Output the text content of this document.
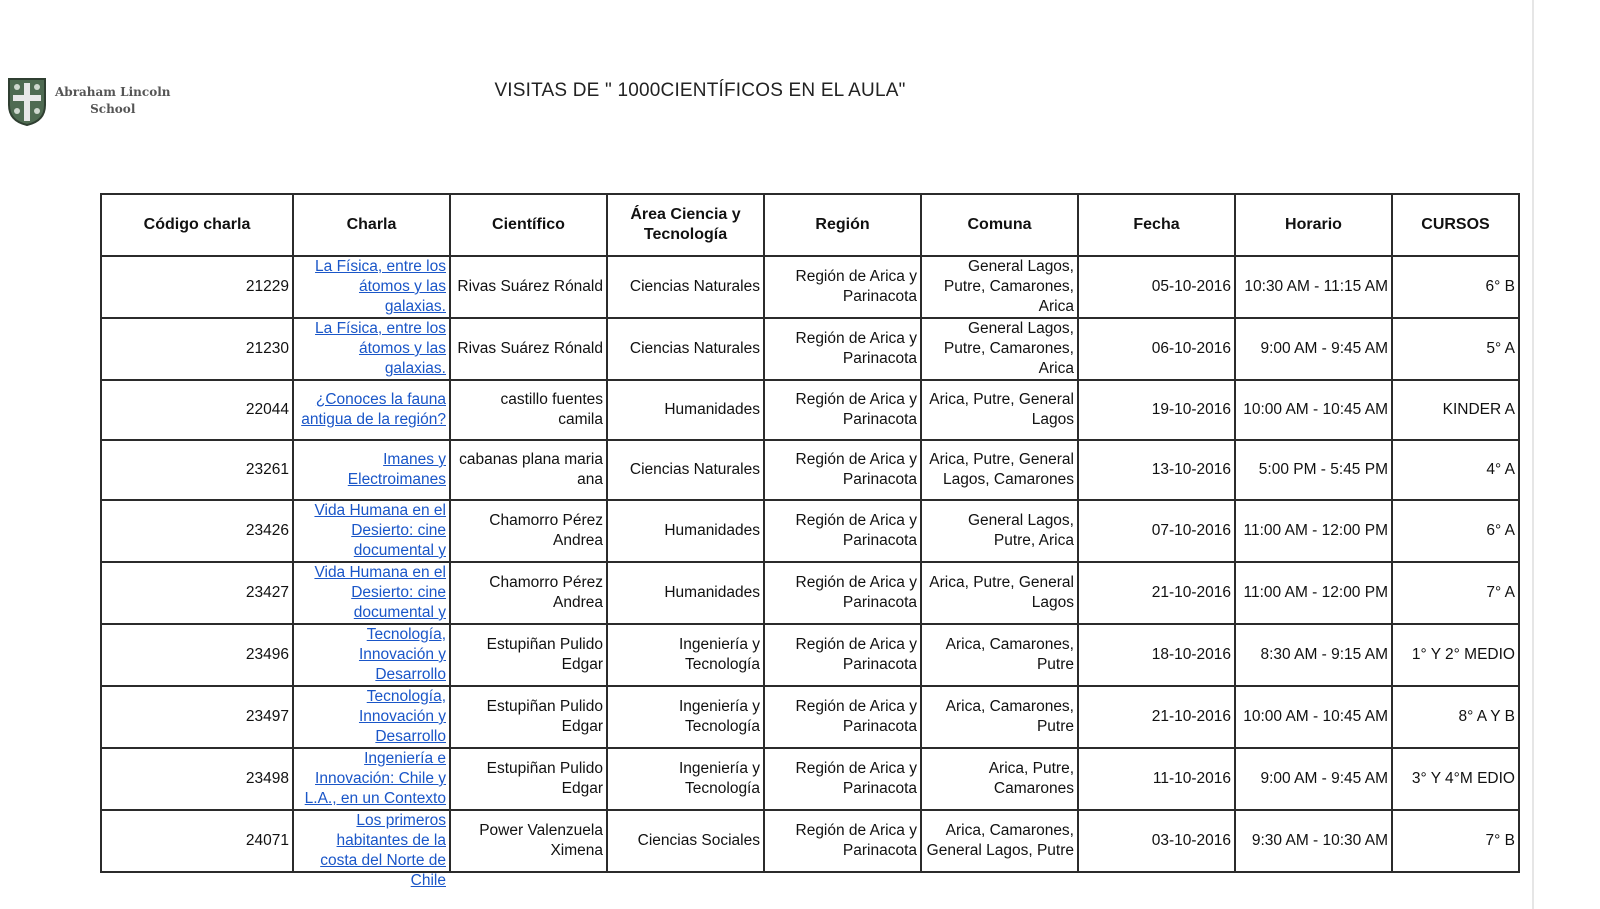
Abraham Lincoln
School
VISITAS DE " 1000CIENTÍFICOS EN EL AULA"
Código charla	Charla	Científico	Área Ciencia y Tecnología	Región	Comuna	Fecha	Horario	CURSOS
21229	La Física, entre los átomos y las galaxias.	Rivas Suárez Rónald	Ciencias Naturales	Región de Arica y Parinacota	General Lagos, Putre, Camarones, Arica	05-10-2016	10:30 AM - 11:15 AM	6° B
21230	La Física, entre los átomos y las galaxias.	Rivas Suárez Rónald	Ciencias Naturales	Región de Arica y Parinacota	General Lagos, Putre, Camarones, Arica	06-10-2016	9:00 AM - 9:45 AM	5° A
22044	¿Conoces la fauna antigua de la región?	castillo fuentes camila	Humanidades	Región de Arica y Parinacota	Arica, Putre, General Lagos	19-10-2016	10:00 AM - 10:45 AM	KINDER A
23261	Imanes y Electroimanes	cabanas plana maria ana	Ciencias Naturales	Región de Arica y Parinacota	Arica, Putre, General Lagos, Camarones	13-10-2016	5:00 PM - 5:45 PM	4° A
23426	Vida Humana en el Desierto: cine documental y	Chamorro Pérez Andrea	Humanidades	Región de Arica y Parinacota	General Lagos, Putre, Arica	07-10-2016	11:00 AM - 12:00 PM	6° A
23427	Vida Humana en el Desierto: cine documental y	Chamorro Pérez Andrea	Humanidades	Región de Arica y Parinacota	Arica, Putre, General Lagos	21-10-2016	11:00 AM - 12:00 PM	7° A
23496	Tecnología, Innovación y Desarrollo	Estupiñan Pulido Edgar	Ingeniería y Tecnología	Región de Arica y Parinacota	Arica, Camarones, Putre	18-10-2016	8:30 AM - 9:15 AM	1° Y 2° MEDIO
23497	Tecnología, Innovación y Desarrollo	Estupiñan Pulido Edgar	Ingeniería y Tecnología	Región de Arica y Parinacota	Arica, Camarones, Putre	21-10-2016	10:00 AM - 10:45 AM	8° A Y B
23498	Ingeniería e Innovación: Chile y L.A., en un Contexto	Estupiñan Pulido Edgar	Ingeniería y Tecnología	Región de Arica y Parinacota	Arica, Putre, Camarones	11-10-2016	9:00 AM - 9:45 AM	3° Y 4°M EDIO
24071	Los primeros habitantes de la costa del Norte de Chile	Power Valenzuela Ximena	Ciencias Sociales	Región de Arica y Parinacota	Arica, Camarones, General Lagos, Putre	03-10-2016	9:30 AM - 10:30 AM	7° B
